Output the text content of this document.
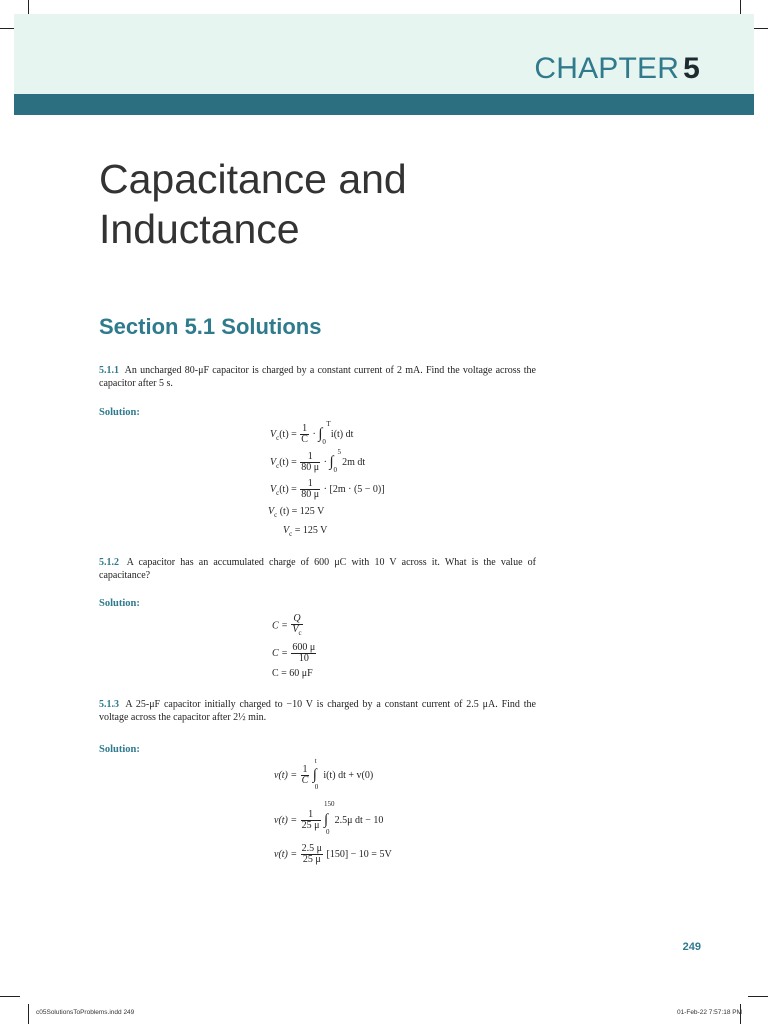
CHAPTER 5
Capacitance and
Inductance
Section 5.1 Solutions
5.1.1 An uncharged 80-μF capacitor is charged by a constant current of 2 mA. Find the voltage across the capacitor after 5 s.
Solution:
$V_c(t) = \frac{1}{C}$ · ∫
T
0
i(t) dt
$V_c(t) = \frac{1}{80 \mu}$ · ∫
5
0
2m dt
$V_c(t) = \frac{1}{80 \mu} \cdot [2m \cdot (5 - 0)]$
$V_c$ (t) = 125 V
$V_c = 125$ V
5.1.2 A capacitor has an accumulated charge of 600 μC with 10 V across it. What is the value of capacitance?
Solution:
$C = \frac{Q}{V_c}$
$C = \frac{600 \mu}{10}$
C = 60 μF
5.1.3 A 25-μF capacitor initially charged to −10 V is charged by a constant current of 2.5 μA. Find the voltage across the capacitor after 2½ min.
Solution:
$v(t) = \frac{1}{C}$ ∫
t
0
i(t) dt + v(0)
$v(t) = \frac{1}{25 \mu}$ ∫
150
0
2.5μ dt − 10
$v(t) = \frac{2.5 \mu}{25 \mu} [150] - 10 = 5V$
249
c05SolutionsToProblems.indd 249	01-Feb-22 7:57:18 PM
